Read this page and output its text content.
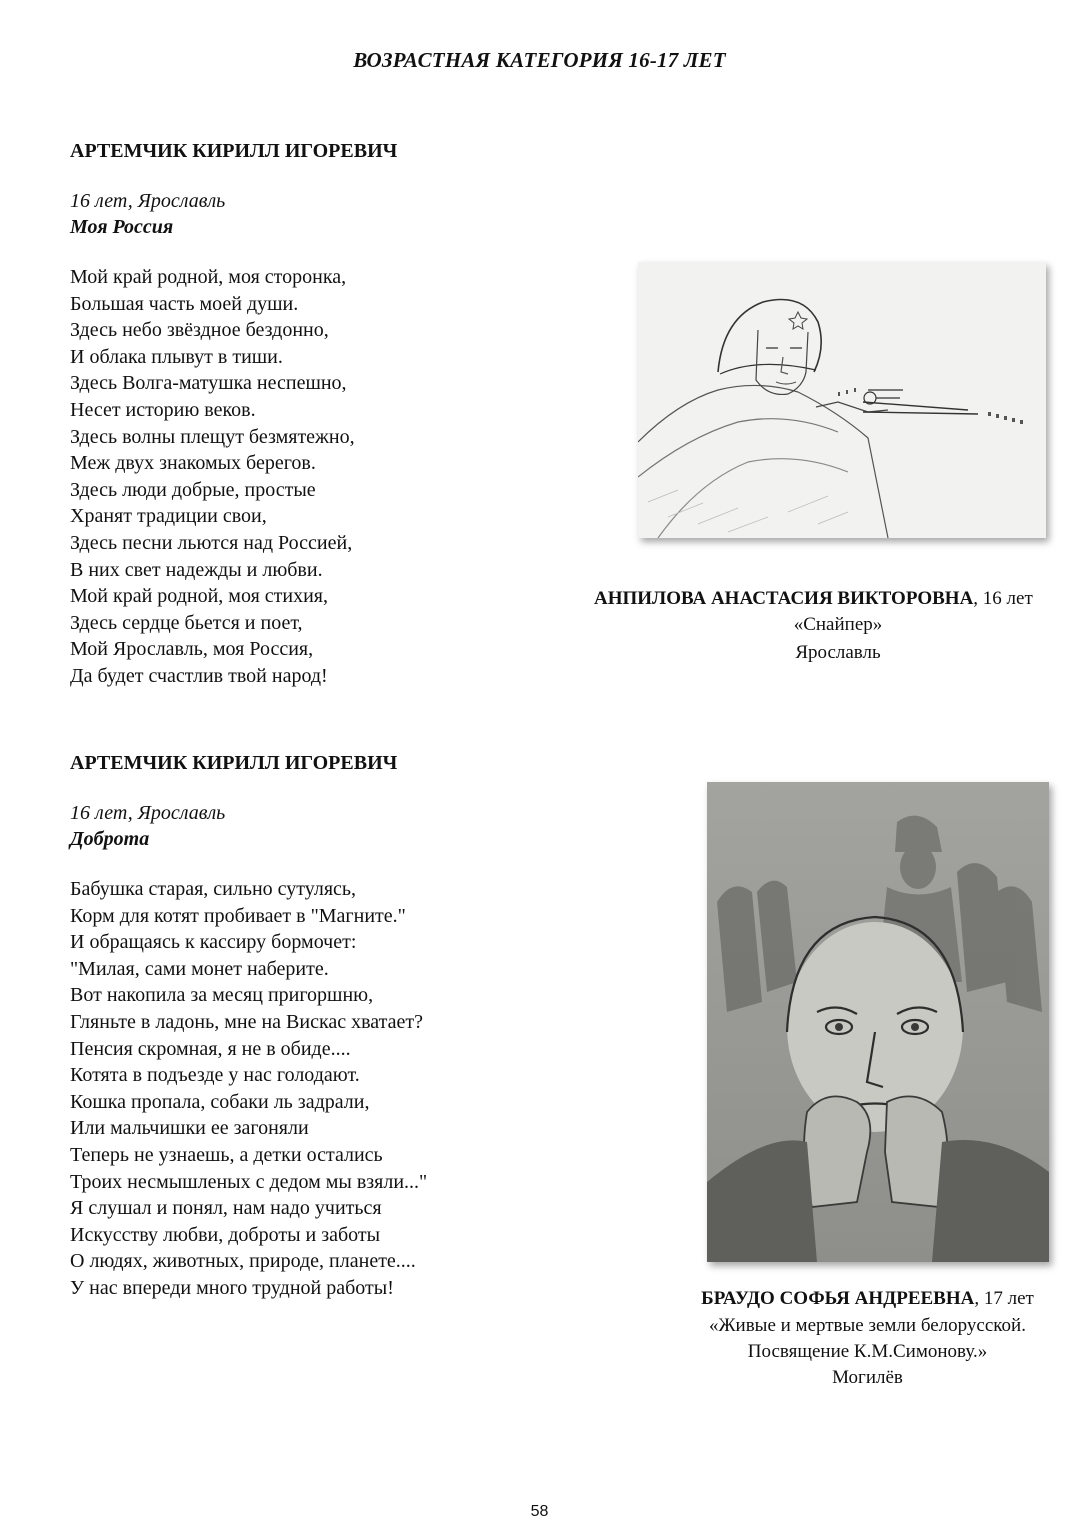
ВОЗРАСТНАЯ КАТЕГОРИЯ 16-17 ЛЕТ
АРТЕМЧИК КИРИЛЛ ИГОРЕВИЧ
16 лет, Ярославль
Моя Россия
Мой край родной, моя сторонка,
Большая часть моей души.
Здесь небо звёздное бездонно,
И облака плывут в тиши.
Здесь Волга-матушка неспешно,
Несет историю веков.
Здесь волны плещут безмятежно,
Меж двух знакомых берегов.
Здесь люди добрые, простые
Хранят традиции свои,
Здесь песни льются над Россией,
В них свет надежды и любви.
Мой край родной, моя стихия,
Здесь сердце бьется и поет,
Мой Ярославль, моя Россия,
Да будет счастлив твой народ!
АРТЕМЧИК КИРИЛЛ ИГОРЕВИЧ
16 лет, Ярославль
Доброта
Бабушка старая, сильно сутулясь,
Корм для котят пробивает в "Магните."
И обращаясь к кассиру бормочет:
"Милая, сами монет наберите.
Вот накопила за месяц пригоршню,
Гляньте в ладонь, мне на Вискас хватает?
Пенсия скромная, я не в обиде....
Котята в подъезде у нас голодают.
Кошка пропала, собаки ль задрали,
Или мальчишки ее загоняли
Теперь не узнаешь, а детки остались
Троих несмышленых с дедом мы взяли..."
Я слушал и понял, нам надо учиться
Искусству любви, доброты и заботы
О людях, животных, природе, планете....
У нас впереди много трудной работы!
АНПИЛОВА АНАСТАСИЯ ВИКТОРОВНА, 16 лет
«Снайпер»
Ярославль
БРАУДО СОФЬЯ АНДРЕЕВНА, 17 лет
«Живые и мертвые земли белорусской.
Посвящение К.М.Симонову.»
Могилёв
58
